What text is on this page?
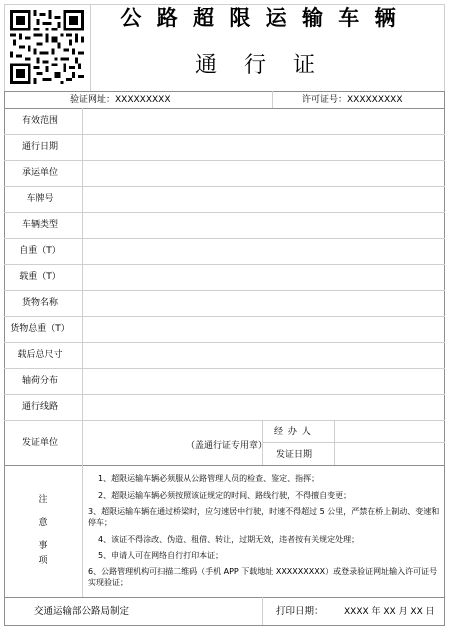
公 路 超 限 运 输 车 辆
通 行 证
验证网址：XXXXXXXXX	许可证号：XXXXXXXXX
有效范围
通行日期
承运单位
车牌号
车辆类型
自重（T）
载重（T）
货物名称
货物总重（T）
载后总尺寸
轴荷分布
通行线路
发证单位	（盖通行证专用章）
经 办 人
发证日期
注
意
事
项
1、超限运输车辆必须服从公路管理人员的检查、鉴定、指挥；
2、超限运输车辆必须按照该证规定的时间、路线行驶，不得擅自变更；
3、超限运输车辆在通过桥梁时，应匀速居中行驶，时速不得超过 5 公里，严禁在桥上制动、变速和停车；
4、该证不得涂改、伪造、租借、转让，过期无效，违者按有关规定处理；
5、申请人可在网络自行打印本证；
6、公路管理机构可扫描二维码（手机 APP 下载地址 XXXXXXXXX）或登录验证网址输入许可证号实现验证；
交通运输部公路局制定	打印日期： XXXX 年 XX 月 XX 日
